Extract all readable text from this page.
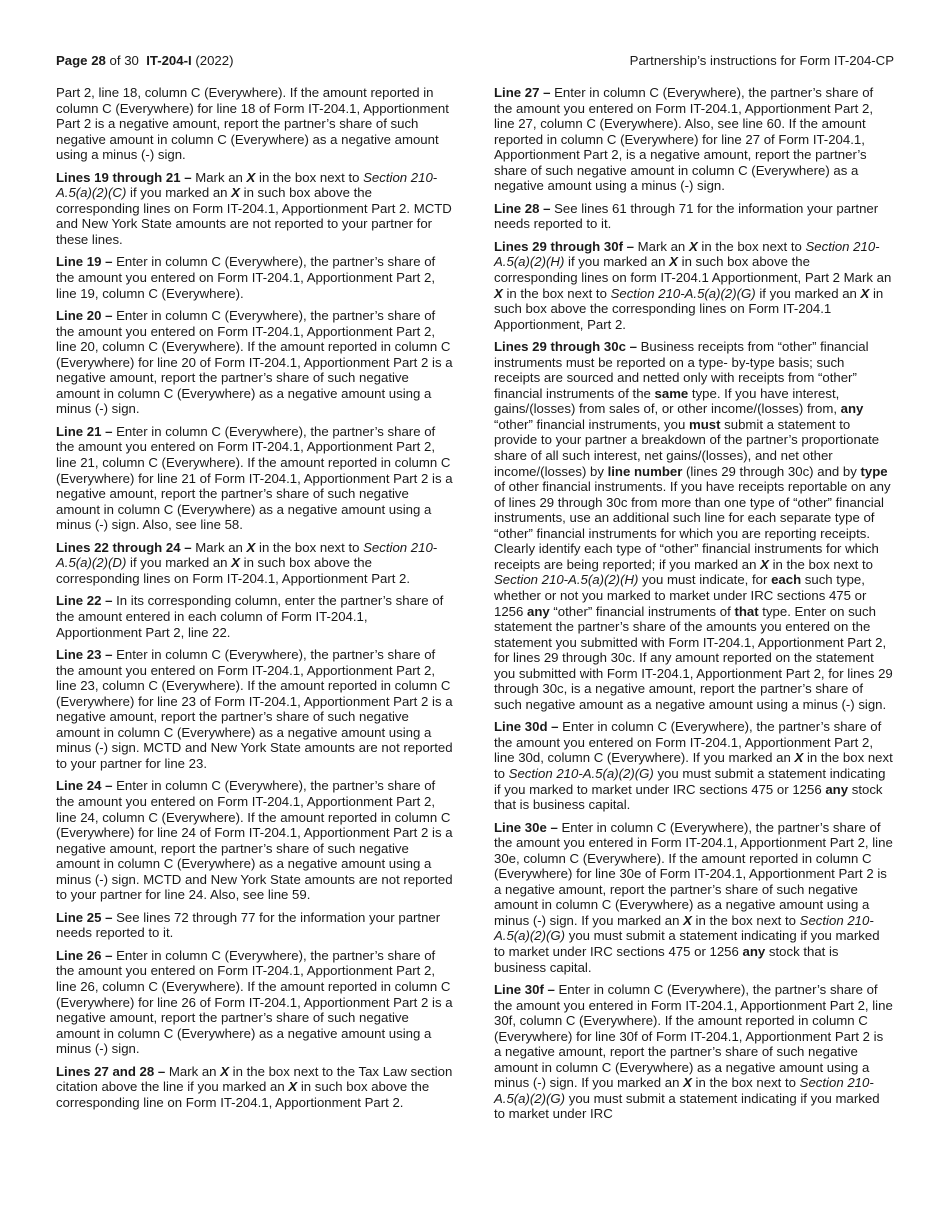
Page 28 of 30 IT-204-I (2022)	Partnership’s instructions for Form IT-204-CP

Part 2, line 18, column C (Everywhere). If the amount reported in column C (Everywhere) for line 18 of Form IT-204.1, Apportionment Part 2 is a negative amount, report the partner’s share of such negative amount in column C (Everywhere) as a negative amount using a minus (-) sign.

Lines 19 through 21 – Mark an X in the box next to Section 210-A.5(a)(2)(C) if you marked an X in such box above the corresponding lines on Form IT-204.1, Apportionment Part 2. MCTD and New York State amounts are not reported to your partner for these lines.

Line 19 – Enter in column C (Everywhere), the partner’s share of the amount you entered on Form IT-204.1, Apportionment Part 2, line 19, column C (Everywhere).

Line 20 – Enter in column C (Everywhere), the partner’s share of the amount you entered on Form IT-204.1, Apportionment Part 2, line 20, column C (Everywhere). If the amount reported in column C (Everywhere) for line 20 of Form IT-204.1, Apportionment Part 2 is a negative amount, report the partner’s share of such negative amount in column C (Everywhere) as a negative amount using a minus (-) sign.

Line 21 – Enter in column C (Everywhere), the partner’s share of the amount you entered on Form IT-204.1, Apportionment Part 2, line 21, column C (Everywhere). If the amount reported in column C (Everywhere) for line 21 of Form IT-204.1, Apportionment Part 2 is a negative amount, report the partner’s share of such negative amount in column C (Everywhere) as a negative amount using a minus (-) sign. Also, see line 58.

Lines 22 through 24 – Mark an X in the box next to Section 210-A.5(a)(2)(D) if you marked an X in such box above the corresponding lines on Form IT-204.1, Apportionment Part 2.

Line 22 – In its corresponding column, enter the partner’s share of the amount entered in each column of Form IT-204.1, Apportionment Part 2, line 22.

Line 23 – Enter in column C (Everywhere), the partner’s share of the amount you entered on Form IT-204.1, Apportionment Part 2, line 23, column C (Everywhere). If the amount reported in column C (Everywhere) for line 23 of Form IT-204.1, Apportionment Part 2 is a negative amount, report the partner’s share of such negative amount in column C (Everywhere) as a negative amount using a minus (-) sign. MCTD and New York State amounts are not reported to your partner for line 23.

Line 24 – Enter in column C (Everywhere), the partner’s share of the amount you entered on Form IT-204.1, Apportionment Part 2, line 24, column C (Everywhere). If the amount reported in column C (Everywhere) for line 24 of Form IT-204.1, Apportionment Part 2 is a negative amount, report the partner’s share of such negative amount in column C (Everywhere) as a negative amount using a minus (-) sign. MCTD and New York State amounts are not reported to your partner for line 24. Also, see line 59.

Line 25 – See lines 72 through 77 for the information your partner needs reported to it.

Line 26 – Enter in column C (Everywhere), the partner’s share of the amount you entered on Form IT-204.1, Apportionment Part 2, line 26, column C (Everywhere). If the amount reported in column C (Everywhere) for line 26 of Form IT-204.1, Apportionment Part 2 is a negative amount, report the partner’s share of such negative amount in column C (Everywhere) as a negative amount using a minus (-) sign.

Lines 27 and 28 – Mark an X in the box next to the Tax Law section citation above the line if you marked an X in such box above the corresponding line on Form IT-204.1, Apportionment Part 2.

Line 27 – Enter in column C (Everywhere), the partner’s share of the amount you entered on Form IT-204.1, Apportionment Part 2, line 27, column C (Everywhere). Also, see line 60. If the amount reported in column C (Everywhere) for line 27 of Form IT-204.1, Apportionment Part 2, is a negative amount, report the partner’s share of such negative amount in column C (Everywhere) as a negative amount using a minus (-) sign.

Line 28 – See lines 61 through 71 for the information your partner needs reported to it.

Lines 29 through 30f – Mark an X in the box next to Section 210-A.5(a)(2)(H) if you marked an X in such box above the corresponding lines on form IT-204.1 Apportionment, Part 2 Mark an X in the box next to Section 210-A.5(a)(2)(G) if you marked an X in such box above the corresponding lines on Form IT-204.1 Apportionment, Part 2.

Lines 29 through 30c – Business receipts from “other” financial instruments must be reported on a type- by-type basis; such receipts are sourced and netted only with receipts from “other” financial instruments of the same type. If you have interest, gains/(losses) from sales of, or other income/(losses) from, any “other” financial instruments, you must submit a statement to provide to your partner a breakdown of the partner’s proportionate share of all such interest, net gains/(losses), and net other income/(losses) by line number (lines 29 through 30c) and by type of other financial instruments. If you have receipts reportable on any of lines 29 through 30c from more than one type of “other” financial instruments, use an additional such line for each separate type of “other” financial instruments for which you are reporting receipts. Clearly identify each type of “other” financial instruments for which receipts are being reported; if you marked an X in the box next to Section 210-A.5(a)(2)(H) you must indicate, for each such type, whether or not you marked to market under IRC sections 475 or 1256 any “other” financial instruments of that type. Enter on such statement the partner’s share of the amounts you entered on the statement you submitted with Form IT-204.1, Apportionment Part 2, for lines 29 through 30c. If any amount reported on the statement you submitted with Form IT-204.1, Apportionment Part 2, for lines 29 through 30c, is a negative amount, report the partner’s share of such negative amount as a negative amount using a minus (-) sign.

Line 30d – Enter in column C (Everywhere), the partner’s share of the amount you entered on Form IT-204.1, Apportionment Part 2, line 30d, column C (Everywhere). If you marked an X in the box next to Section 210-A.5(a)(2)(G) you must submit a statement indicating if you marked to market under IRC sections 475 or 1256 any stock that is business capital.

Line 30e – Enter in column C (Everywhere), the partner’s share of the amount you entered in Form IT-204.1, Apportionment Part 2, line 30e, column C (Everywhere). If the amount reported in column C (Everywhere) for line 30e of Form IT-204.1, Apportionment Part 2 is a negative amount, report the partner’s share of such negative amount in column C (Everywhere) as a negative amount using a minus (-) sign. If you marked an X in the box next to Section 210-A.5(a)(2)(G) you must submit a statement indicating if you marked to market under IRC sections 475 or 1256 any stock that is business capital.

Line 30f – Enter in column C (Everywhere), the partner’s share of the amount you entered in Form IT-204.1, Apportionment Part 2, line 30f, column C (Everywhere). If the amount reported in column C (Everywhere) for line 30f of Form IT-204.1, Apportionment Part 2 is a negative amount, report the partner’s share of such negative amount in column C (Everywhere) as a negative amount using a minus (-) sign. If you marked an X in the box next to Section 210-A.5(a)(2)(G) you must submit a statement indicating if you marked to market under IRC
